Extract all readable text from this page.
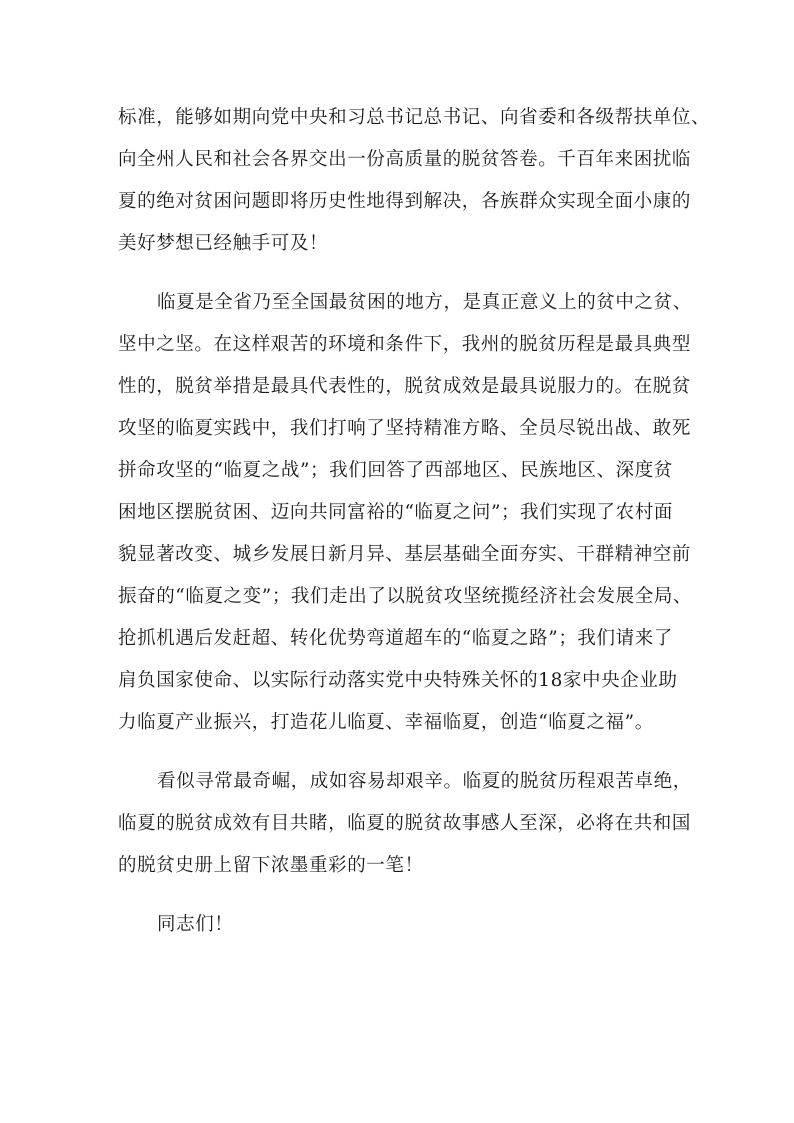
标准，能够如期向党中央和习总书记总书记、向省委和各级帮扶单位、
向全州人民和社会各界交出一份高质量的脱贫答卷。千百年来困扰临
夏的绝对贫困问题即将历史性地得到解决，各族群众实现全面小康的
美好梦想已经触手可及！
临夏是全省乃至全国最贫困的地方，是真正意义上的贫中之贫、
坚中之坚。在这样艰苦的环境和条件下，我州的脱贫历程是最具典型
性的，脱贫举措是最具代表性的，脱贫成效是最具说服力的。在脱贫
攻坚的临夏实践中，我们打响了坚持精准方略、全员尽锐出战、敢死
拼命攻坚的“临夏之战”；我们回答了西部地区、民族地区、深度贫
困地区摆脱贫困、迈向共同富裕的“临夏之问”；我们实现了农村面
貌显著改变、城乡发展日新月异、基层基础全面夯实、干群精神空前
振奋的“临夏之变”；我们走出了以脱贫攻坚统揽经济社会发展全局、
抢抓机遇后发赶超、转化优势弯道超车的“临夏之路”；我们请来了
肩负国家使命、以实际行动落实党中央特殊关怀的18家中央企业助
力临夏产业振兴，打造花儿临夏、幸福临夏，创造“临夏之福”。
看似寻常最奇崛，成如容易却艰辛。临夏的脱贫历程艰苦卓绝，
临夏的脱贫成效有目共睹，临夏的脱贫故事感人至深，必将在共和国
的脱贫史册上留下浓墨重彩的一笔！
同志们！
